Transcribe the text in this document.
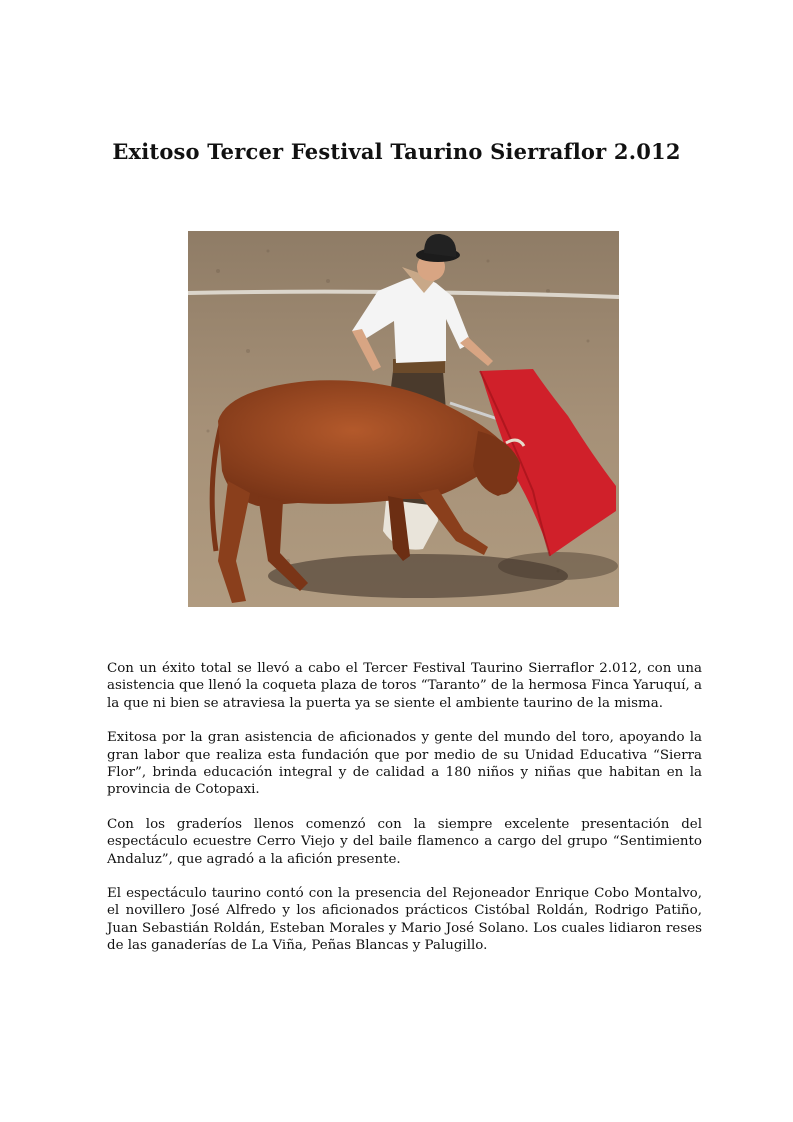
Exitoso Tercer Festival Taurino Sierraflor 2.012

Con un éxito total se llevó a cabo el Tercer Festival Taurino Sierraflor 2.012, con una asistencia que llenó la coqueta plaza de toros “Taranto” de la hermosa Finca Yaruquí, a la que ni bien se atraviesa la puerta ya se siente el ambiente taurino de la misma.

Exitosa por la gran asistencia de aficionados y gente del mundo del toro, apoyando la gran labor que realiza esta fundación que por medio de su Unidad Educativa “Sierra Flor”, brinda educación integral y de calidad a 180 niños y niñas que habitan en la provincia de Cotopaxi.

Con los graderíos llenos comenzó con la siempre excelente presentación del espectáculo ecuestre Cerro Viejo y del baile flamenco a cargo del grupo “Sentimiento Andaluz”, que agradó a la afición presente.

El espectáculo taurino contó con la presencia del Rejoneador Enrique Cobo Montalvo, el novillero José Alfredo y los aficionados prácticos Cistóbal Roldán, Rodrigo Patiño, Juan Sebastián Roldán, Esteban Morales y Mario José Solano. Los cuales lidiaron reses de las ganaderías de La Viña, Peñas Blancas y Palugillo.
